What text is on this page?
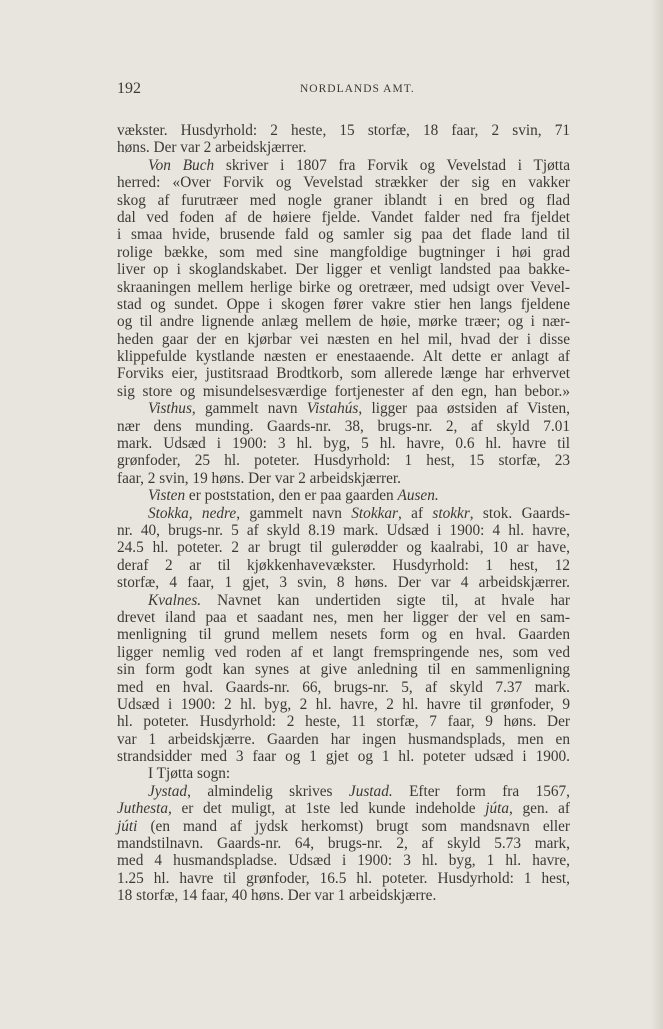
192	NORDLANDS AMT.
vækster. Husdyrhold: 2 heste, 15 storfæ, 18 faar, 2 svin, 71
høns. Der var 2 arbeidskjærrer.
Von Buch skriver i 1807 fra Forvik og Vevelstad i Tjøtta
herred: «Over Forvik og Vevelstad strækker der sig en vakker
skog af furutræer med nogle graner iblandt i en bred og flad
dal ved foden af de høiere fjelde. Vandet falder ned fra fjeldet
i smaa hvide, brusende fald og samler sig paa det flade land til
rolige bække, som med sine mangfoldige bugtninger i høi grad
liver op i skoglandskabet. Der ligger et venligt landsted paa bakke-
skraaningen mellem herlige birke og oretræer, med udsigt over Vevel-
stad og sundet. Oppe i skogen fører vakre stier hen langs fjeldene
og til andre lignende anlæg mellem de høie, mørke træer; og i nær-
heden gaar der en kjørbar vei næsten en hel mil, hvad der i disse
klippefulde kystlande næsten er enestaaende. Alt dette er anlagt af
Forviks eier, justitsraad Brodtkorb, som allerede længe har erhvervet
sig store og misundelsesværdige fortjenester af den egn, han bebor.»
Visthus, gammelt navn Vistahús, ligger paa østsiden af Visten,
nær dens munding. Gaards-nr. 38, brugs-nr. 2, af skyld 7.01
mark. Udsæd i 1900: 3 hl. byg, 5 hl. havre, 0.6 hl. havre til
grønfoder, 25 hl. poteter. Husdyrhold: 1 hest, 15 storfæ, 23
faar, 2 svin, 19 høns. Der var 2 arbeidskjærrer.
Visten er poststation, den er paa gaarden Ausen.
Stokka, nedre, gammelt navn Stokkar, af stokkr, stok. Gaards-
nr. 40, brugs-nr. 5 af skyld 8.19 mark. Udsæd i 1900: 4 hl. havre,
24.5 hl. poteter. 2 ar brugt til gulerødder og kaalrabi, 10 ar have,
deraf 2 ar til kjøkkenhavevækster. Husdyrhold: 1 hest, 12
storfæ, 4 faar, 1 gjet, 3 svin, 8 høns. Der var 4 arbeidskjærrer.
Kvalnes. Navnet kan undertiden sigte til, at hvale har
drevet iland paa et saadant nes, men her ligger der vel en sam-
menligning til grund mellem nesets form og en hval. Gaarden
ligger nemlig ved roden af et langt fremspringende nes, som ved
sin form godt kan synes at give anledning til en sammenligning
med en hval. Gaards-nr. 66, brugs-nr. 5, af skyld 7.37 mark.
Udsæd i 1900: 2 hl. byg, 2 hl. havre, 2 hl. havre til grønfoder, 9
hl. poteter. Husdyrhold: 2 heste, 11 storfæ, 7 faar, 9 høns. Der
var 1 arbeidskjærre. Gaarden har ingen husmandsplads, men en
strandsidder med 3 faar og 1 gjet og 1 hl. poteter udsæd i 1900.
I Tjøtta sogn:
Jystad, almindelig skrives Justad. Efter form fra 1567,
Juthesta, er det muligt, at 1ste led kunde indeholde júta, gen. af
júti (en mand af jydsk herkomst) brugt som mandsnavn eller
mandstilnavn. Gaards-nr. 64, brugs-nr. 2, af skyld 5.73 mark,
med 4 husmandspladse. Udsæd i 1900: 3 hl. byg, 1 hl. havre,
1.25 hl. havre til grønfoder, 16.5 hl. poteter. Husdyrhold: 1 hest,
18 storfæ, 14 faar, 40 høns. Der var 1 arbeidskjærre.
